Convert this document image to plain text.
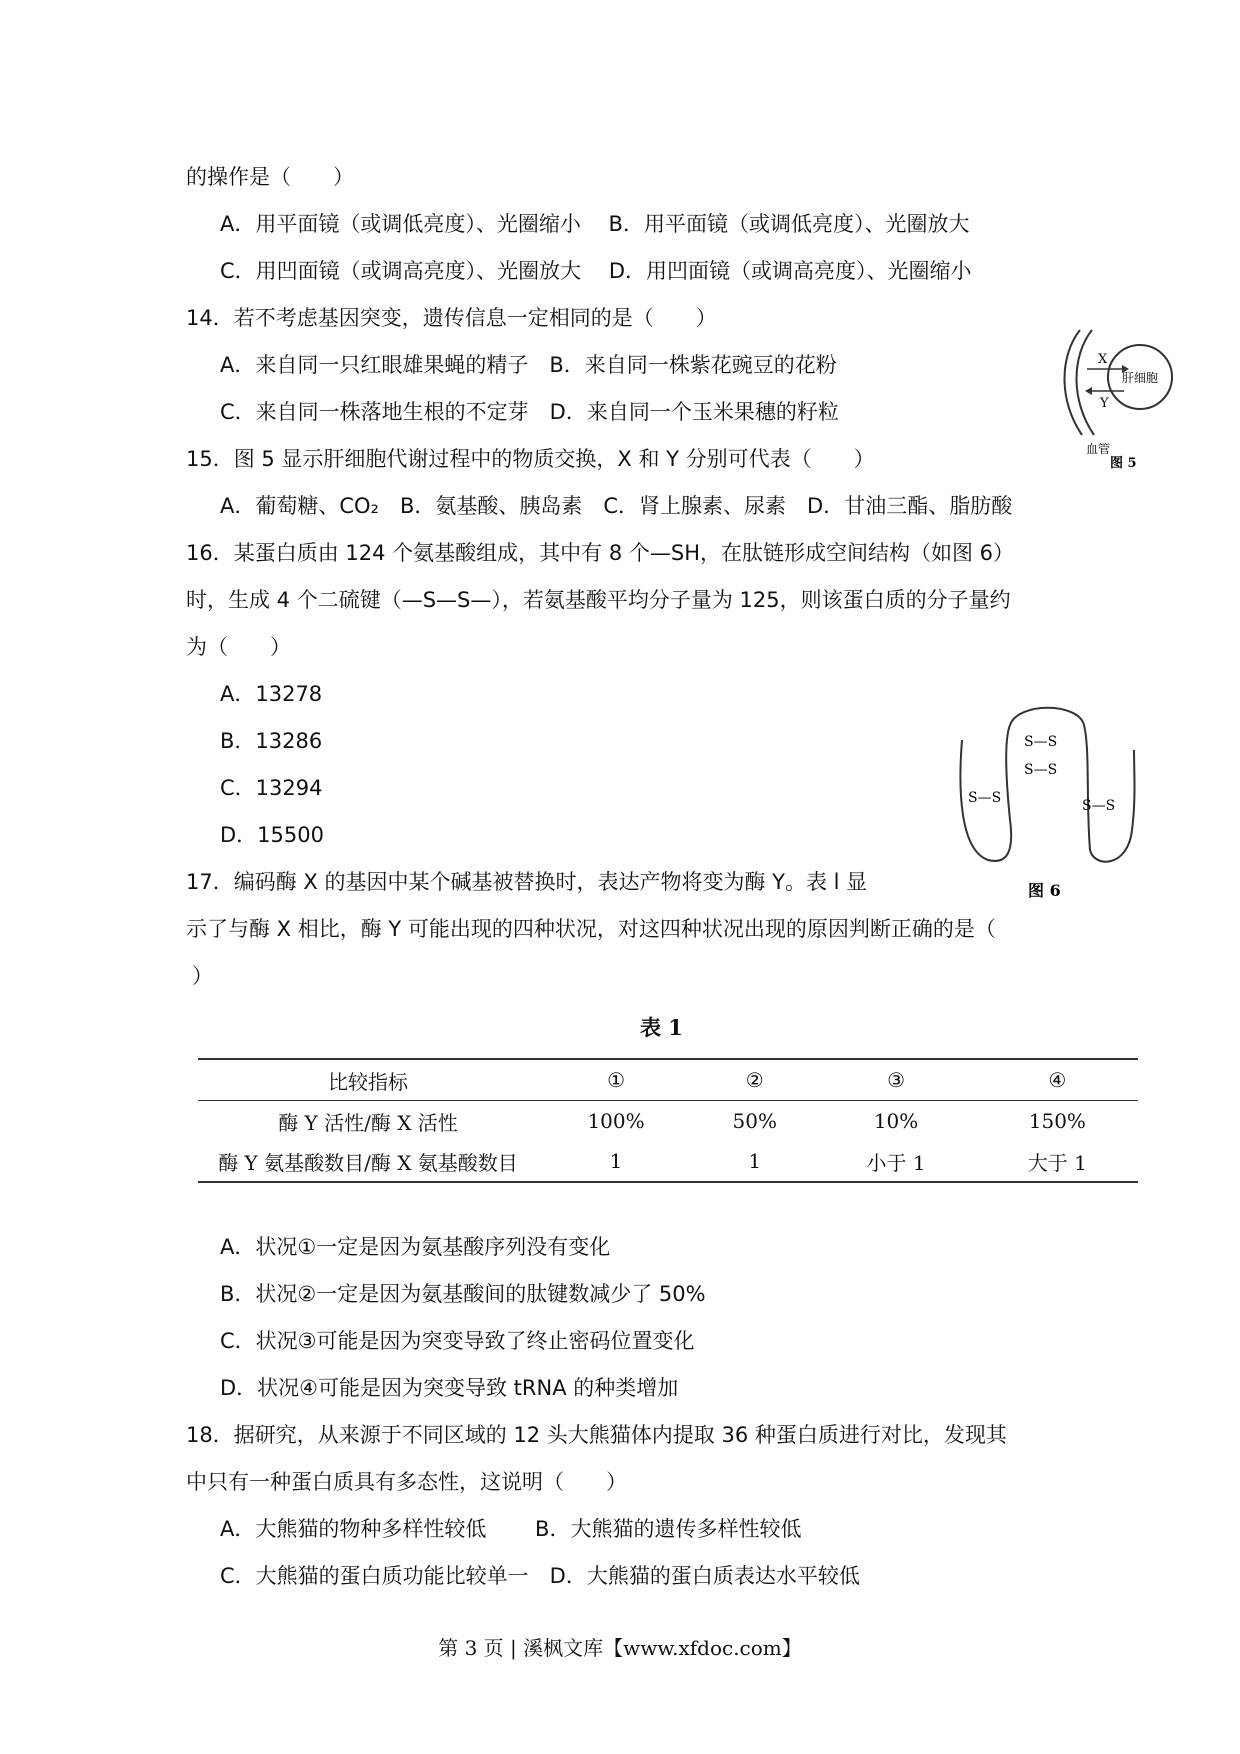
的操作是（　　）
A．用平面镜（或调低亮度）、光圈缩小　 B．用平面镜（或调低亮度）、光圈放大
C．用凹面镜（或调高亮度）、光圈放大　 D．用凹面镜（或调高亮度）、光圈缩小
14．若不考虑基因突变，遗传信息一定相同的是（　　）
A．来自同一只红眼雄果蝇的精子　B．来自同一株紫花豌豆的花粉
C．来自同一株落地生根的不定芽　D．来自同一个玉米果穗的籽粒
15．图 5 显示肝细胞代谢过程中的物质交换，X 和 Y 分别可代表（　　）
A．葡萄糖、CO₂　B．氨基酸、胰岛素　C．肾上腺素、尿素　D．甘油三酯、脂肪酸
16．某蛋白质由 124 个氨基酸组成，其中有 8 个—SH，在肽链形成空间结构（如图 6）
时，生成 4 个二硫键（—S—S—），若氨基酸平均分子量为 125，则该蛋白质的分子量约
为（　　）
A．13278
B．13286
C．13294
D．15500
17．编码酶 X 的基因中某个碱基被替换时，表达产物将变为酶 Y。表 l 显
示了与酶 X 相比，酶 Y 可能出现的四种状况，对这四种状况出现的原因判断正确的是（
）
X
Y
肝细胞
血管
图 5
S—S
S—S
S—S
S—S
图 6
表 1
比较指标	①	②	③	④
酶 Y 活性/酶 X 活性	100%	50%	10%	150%
酶 Y 氨基酸数目/酶 X 氨基酸数目	1	1	小于 1	大于 1
A．状况①一定是因为氨基酸序列没有变化
B．状况②一定是因为氨基酸间的肽键数减少了 50%
C．状况③可能是因为突变导致了终止密码位置变化
D．状况④可能是因为突变导致 tRNA 的种类增加
18．据研究，从来源于不同区域的 12 头大熊猫体内提取 36 种蛋白质进行对比，发现其
中只有一种蛋白质具有多态性，这说明（　　）
A．大熊猫的物种多样性较低　　 B．大熊猫的遗传多样性较低
C．大熊猫的蛋白质功能比较单一　D．大熊猫的蛋白质表达水平较低
第 3 页 | 溪枫文库【www.xfdoc.com】
